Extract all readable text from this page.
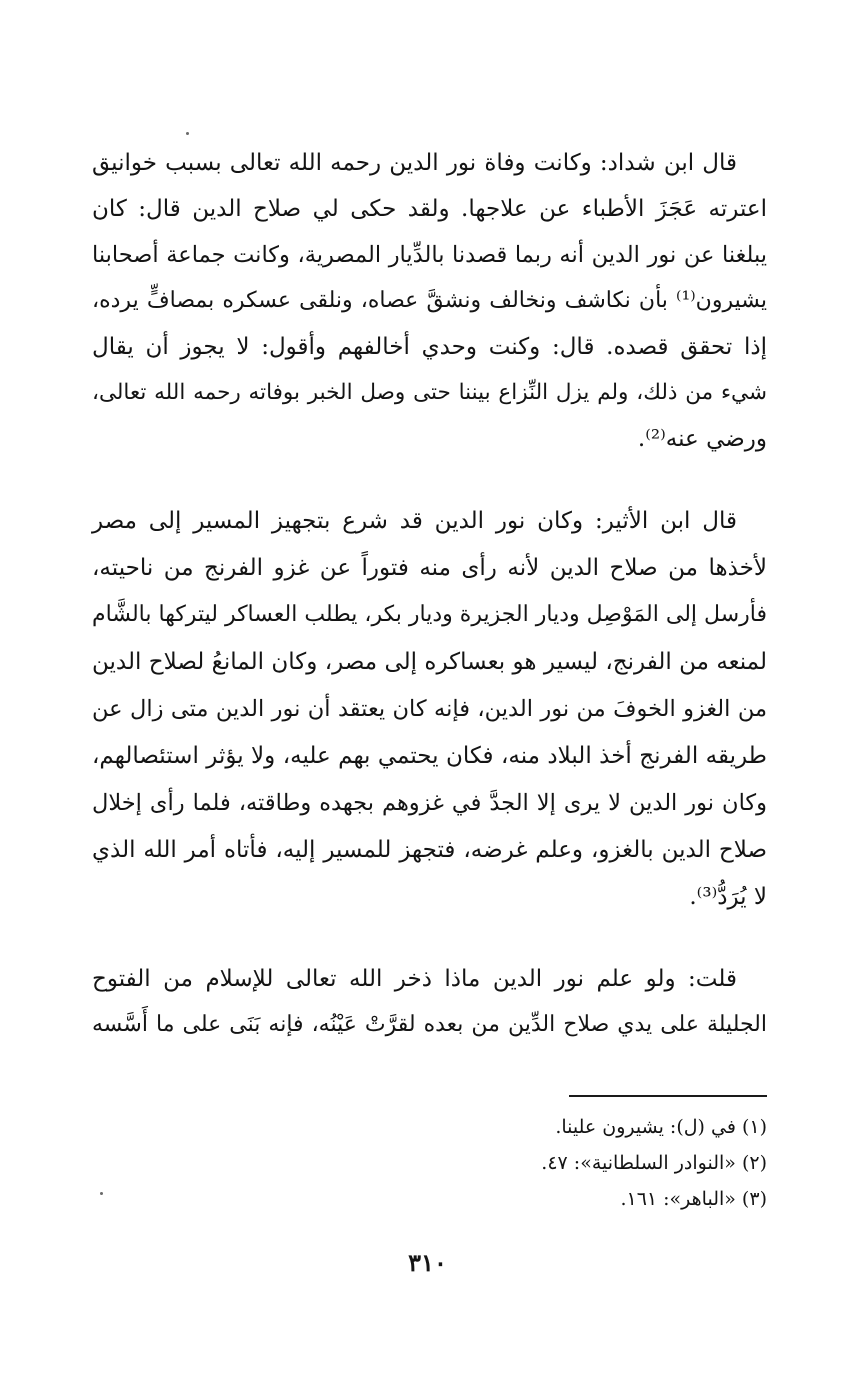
قال ابن شداد: وكانت وفاة نور الدين رحمه الله تعالى بسبب خوانيق
اعترته عَجَزَ الأطباء عن علاجها. ولقد حكى لي صلاح الدين قال: كان
يبلغنا عن نور الدين أنه ربما قصدنا بالدِّيار المصرية، وكانت جماعة أصحابنا
يشيرون⁽¹⁾ بأن نكاشف ونخالف ونشقَّ عصاه، ونلقى عسكره بمصافٍّ يرده،
إذا تحقق قصده. قال: وكنت وحدي أخالفهم وأقول: لا يجوز أن يقال
شيء من ذلك، ولم يزل النِّزاع بيننا حتى وصل الخبر بوفاته رحمه الله تعالى،
ورضي عنه⁽²⁾.
قال ابن الأثير: وكان نور الدين قد شرع بتجهيز المسير إلى مصر
لأخذها من صلاح الدين لأنه رأى منه فتوراً عن غزو الفرنج من ناحيته،
فأرسل إلى المَوْصِل وديار الجزيرة وديار بكر، يطلب العساكر ليتركها بالشَّام
لمنعه من الفرنج، ليسير هو بعساكره إلى مصر، وكان المانعُ لصلاح الدين
من الغزو الخوفَ من نور الدين، فإنه كان يعتقد أن نور الدين متى زال عن
طريقه الفرنج أخذ البلاد منه، فكان يحتمي بهم عليه، ولا يؤثر استئصالهم،
وكان نور الدين لا يرى إلا الجدَّ في غزوهم بجهده وطاقته، فلما رأى إخلال
صلاح الدين بالغزو، وعلم غرضه، فتجهز للمسير إليه، فأتاه أمر الله الذي
لا يُرَدُّ⁽³⁾.
قلت: ولو علم نور الدين ماذا ذخر الله تعالى للإسلام من الفتوح
الجليلة على يدي صلاح الدِّين من بعده لقرَّتْ عَيْنُه، فإنه بَنَى على ما أَسَّسه
(١) في (ل): يشيرون علينا.
(٢) «النوادر السلطانية»: ٤٧.
(٣) «الباهر»: ١٦١.
٣١٠
